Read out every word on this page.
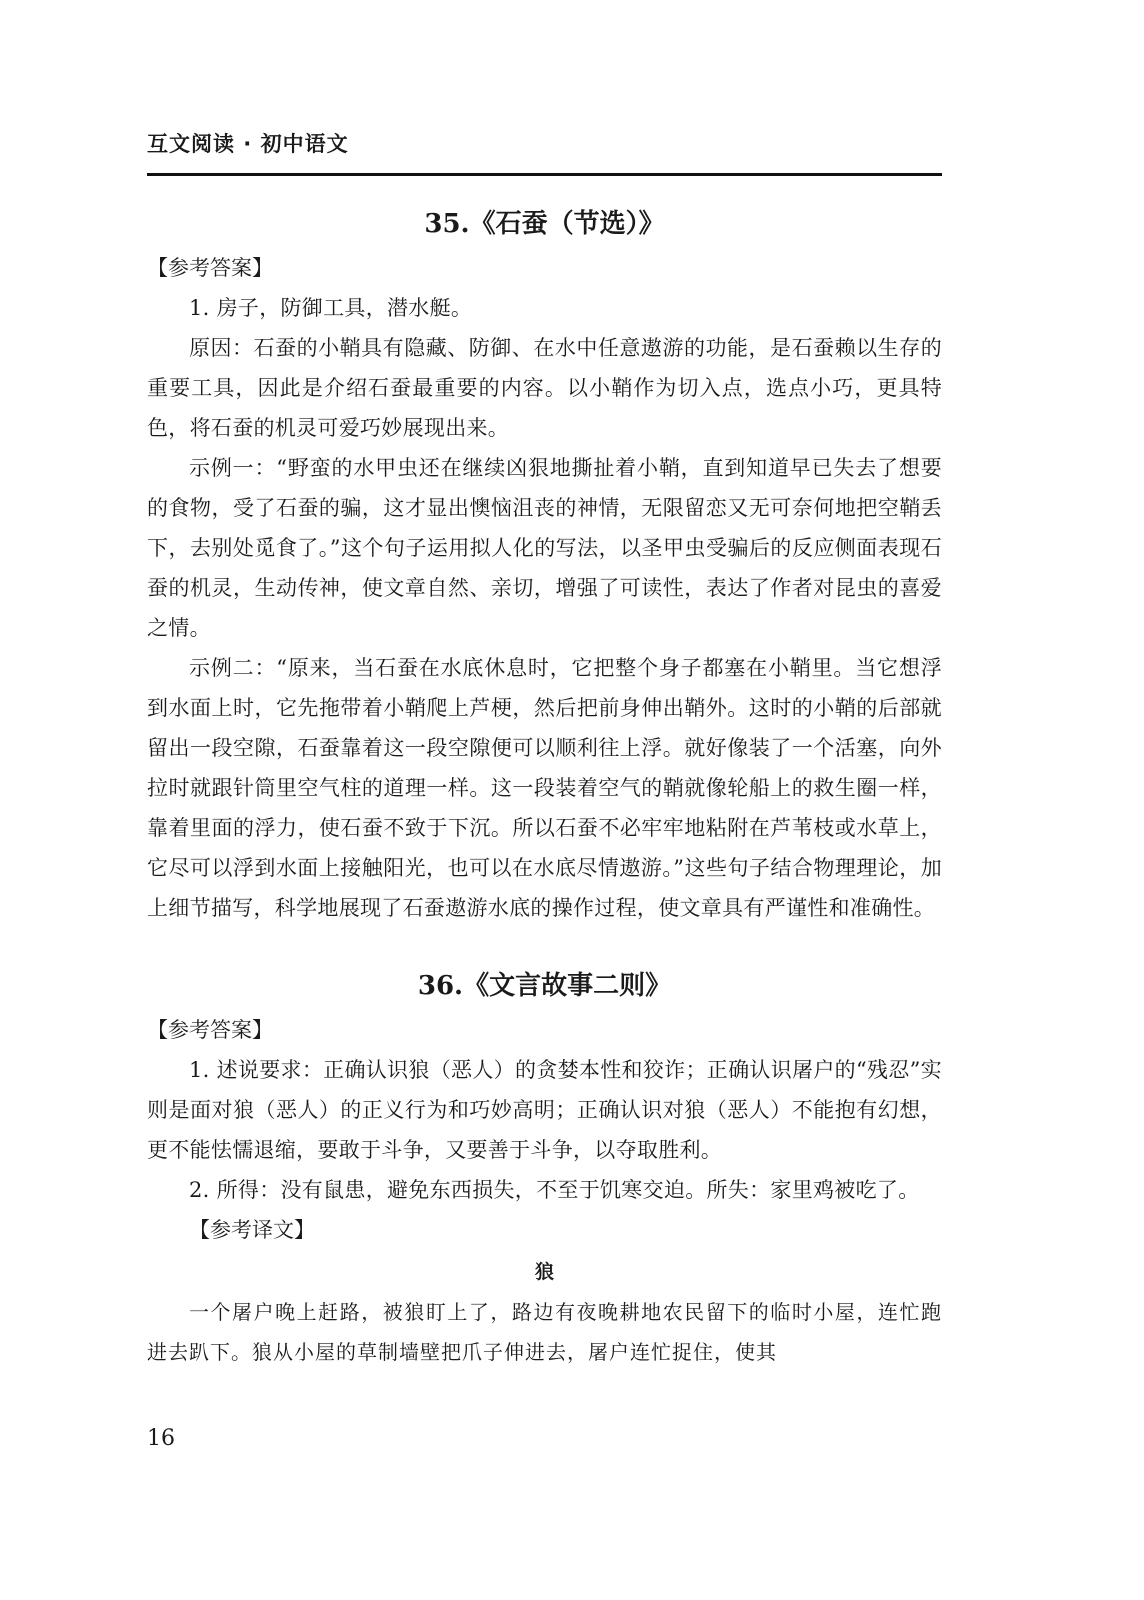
互文阅读 · 初中语文
35.《石蚕（节选）》
【参考答案】

1. 房子，防御工具，潜水艇。

原因：石蚕的小鞘具有隐藏、防御、在水中任意遨游的功能，是石蚕赖以生存的重要工具，因此是介绍石蚕最重要的内容。以小鞘作为切入点，选点小巧，更具特色，将石蚕的机灵可爱巧妙展现出来。

示例一：“野蛮的水甲虫还在继续凶狠地撕扯着小鞘，直到知道早已失去了想要的食物，受了石蚕的骗，这才显出懊恼沮丧的神情，无限留恋又无可奈何地把空鞘丢下，去别处觅食了。”这个句子运用拟人化的写法，以圣甲虫受骗后的反应侧面表现石蚕的机灵，生动传神，使文章自然、亲切，增强了可读性，表达了作者对昆虫的喜爱之情。

示例二：“原来，当石蚕在水底休息时，它把整个身子都塞在小鞘里。当它想浮到水面上时，它先拖带着小鞘爬上芦梗，然后把前身伸出鞘外。这时的小鞘的后部就留出一段空隙，石蚕靠着这一段空隙便可以顺利往上浮。就好像装了一个活塞，向外拉时就跟针筒里空气柱的道理一样。这一段装着空气的鞘就像轮船上的救生圈一样，靠着里面的浮力，使石蚕不致于下沉。所以石蚕不必牢牢地粘附在芦苇枝或水草上，它尽可以浮到水面上接触阳光，也可以在水底尽情遨游。”这些句子结合物理理论，加上细节描写，科学地展现了石蚕遨游水底的操作过程，使文章具有严谨性和准确性。

36.《文言故事二则》
【参考答案】

1. 述说要求：正确认识狼（恶人）的贪婪本性和狡诈；正确认识屠户的“残忍”实则是面对狼（恶人）的正义行为和巧妙高明；正确认识对狼（恶人）不能抱有幻想，更不能怯懦退缩，要敢于斗争，又要善于斗争，以夺取胜利。

2. 所得：没有鼠患，避免东西损失，不至于饥寒交迫。所失：家里鸡被吃了。

【参考译文】
狼

一个屠户晚上赶路，被狼盯上了，路边有夜晚耕地农民留下的临时小屋，连忙跑进去趴下。狼从小屋的草制墙壁把爪子伸进去，屠户连忙捉住，使其

16
